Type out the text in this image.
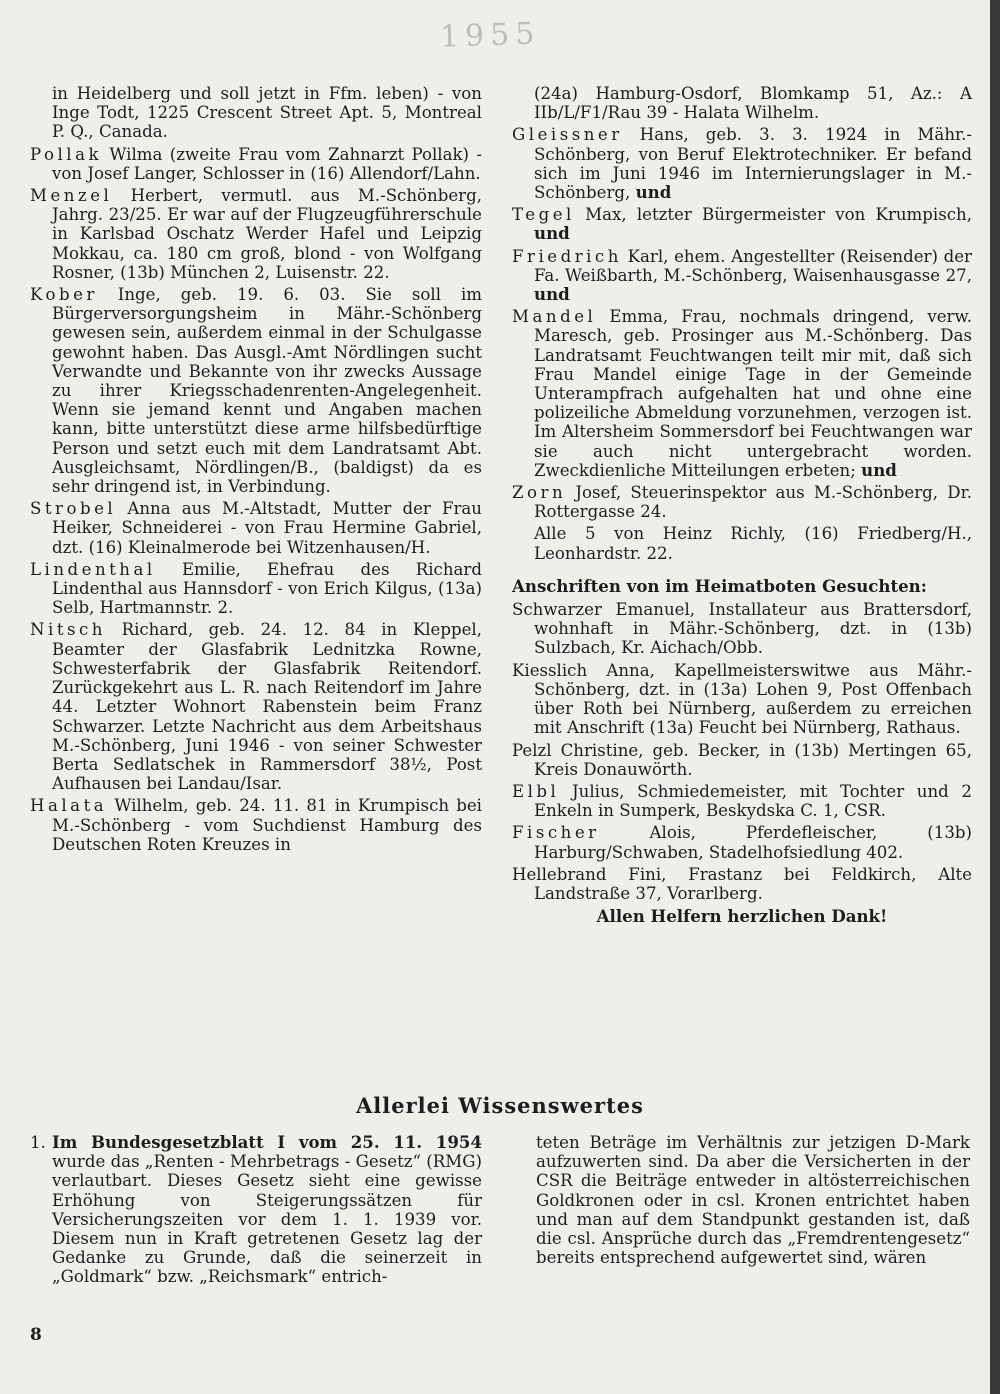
1955

in Heidelberg und soll jetzt in Ffm. leben) - von Inge Todt, 1225 Crescent Street Apt. 5, Montreal P. Q., Canada.

Pollak Wilma (zweite Frau vom Zahnarzt Pollak) - von Josef Langer, Schlosser in (16) Allendorf/Lahn.

Menzel Herbert, vermutl. aus M.-Schönberg, Jahrg. 23/25. Er war auf der Flugzeugführerschule in Karlsbad Oschatz Werder Hafel und Leipzig Mokkau, ca. 180 cm groß, blond - von Wolfgang Rosner, (13b) München 2, Luisenstr. 22.

Kober Inge, geb. 19. 6. 03. Sie soll im Bürgerversorgungsheim in Mähr.-Schönberg gewesen sein, außerdem einmal in der Schulgasse gewohnt haben. Das Ausgl.-Amt Nördlingen sucht Verwandte und Bekannte von ihr zwecks Aussage zu ihrer Kriegsschadenrenten-Angelegenheit. Wenn sie jemand kennt und Angaben machen kann, bitte unterstützt diese arme hilfsbedürftige Person und setzt euch mit dem Landratsamt Abt. Ausgleichsamt, Nördlingen/B., (baldigst) da es sehr dringend ist, in Verbindung.

Strobel Anna aus M.-Altstadt, Mutter der Frau Heiker, Schneiderei - von Frau Hermine Gabriel, dzt. (16) Kleinalmerode bei Witzenhausen/H.

Lindenthal Emilie, Ehefrau des Richard Lindenthal aus Hannsdorf - von Erich Kilgus, (13a) Selb, Hartmannstr. 2.

Nitsch Richard, geb. 24. 12. 84 in Kleppel, Beamter der Glasfabrik Lednitzka Rowne, Schwesterfabrik der Glasfabrik Reitendorf. Zurückgekehrt aus L. R. nach Reitendorf im Jahre 44. Letzter Wohnort Rabenstein beim Franz Schwarzer. Letzte Nachricht aus dem Arbeitshaus M.-Schönberg, Juni 1946 - von seiner Schwester Berta Sedlatschek in Rammersdorf 38½, Post Aufhausen bei Landau/Isar.

Halata Wilhelm, geb. 24. 11. 81 in Krumpisch bei M.-Schönberg - vom Suchdienst Hamburg des Deutschen Roten Kreuzes in

(24a) Hamburg-Osdorf, Blomkamp 51, Az.: A IIb/L/F1/Rau 39 - Halata Wilhelm.

Gleissner Hans, geb. 3. 3. 1924 in Mähr.-Schönberg, von Beruf Elektrotechniker. Er befand sich im Juni 1946 im Internierungslager in M.-Schönberg, und

Tegel Max, letzter Bürgermeister von Krumpisch, und

Friedrich Karl, ehem. Angestellter (Reisender) der Fa. Weißbarth, M.-Schönberg, Waisenhausgasse 27, und

Mandel Emma, Frau, nochmals dringend, verw. Maresch, geb. Prosinger aus M.-Schönberg. Das Landratsamt Feuchtwangen teilt mir mit, daß sich Frau Mandel einige Tage in der Gemeinde Unterampfrach aufgehalten hat und ohne eine polizeiliche Abmeldung vorzunehmen, verzogen ist. Im Altersheim Sommersdorf bei Feuchtwangen war sie auch nicht untergebracht worden. Zweckdienliche Mitteilungen erbeten; und

Zorn Josef, Steuerinspektor aus M.-Schönberg, Dr. Rottergasse 24.

Alle 5 von Heinz Richly, (16) Friedberg/H., Leonhardstr. 22.

Anschriften von im Heimatboten Gesuchten:

Schwarzer Emanuel, Installateur aus Brattersdorf, wohnhaft in Mähr.-Schönberg, dzt. in (13b) Sulzbach, Kr. Aichach/Obb.

Kiesslich Anna, Kapellmeisterswitwe aus Mähr.-Schönberg, dzt. in (13a) Lohen 9, Post Offenbach über Roth bei Nürnberg, außerdem zu erreichen mit Anschrift (13a) Feucht bei Nürnberg, Rathaus.

Pelzl Christine, geb. Becker, in (13b) Mertingen 65, Kreis Donauwörth.

Elbl Julius, Schmiedemeister, mit Tochter und 2 Enkeln in Sumperk, Beskydska C. 1, CSR.

Fischer Alois, Pferdefleischer, (13b) Harburg/Schwaben, Stadelhofsiedlung 402.

Hellebrand Fini, Frastanz bei Feldkirch, Alte Landstraße 37, Vorarlberg.

Allen Helfern herzlichen Dank!

Allerlei Wissenswertes
1. Im Bundesgesetzblatt I vom 25. 11. 1954 wurde das „Renten - Mehrbetrags - Gesetz“ (RMG) verlautbart. Dieses Gesetz sieht eine gewisse Erhöhung von Steigerungssätzen für Versicherungszeiten vor dem 1. 1. 1939 vor. Diesem nun in Kraft getretenen Gesetz lag der Gedanke zu Grunde, daß die seinerzeit in „Goldmark“ bzw. „Reichsmark“ entrich-

teten Beträge im Verhältnis zur jetzigen D-Mark aufzuwerten sind. Da aber die Versicherten in der CSR die Beiträge entweder in altösterreichischen Goldkronen oder in csl. Kronen entrichtet haben und man auf dem Standpunkt gestanden ist, daß die csl. Ansprüche durch das „Fremdrentengesetz“ bereits entsprechend aufgewertet sind, wären

8
